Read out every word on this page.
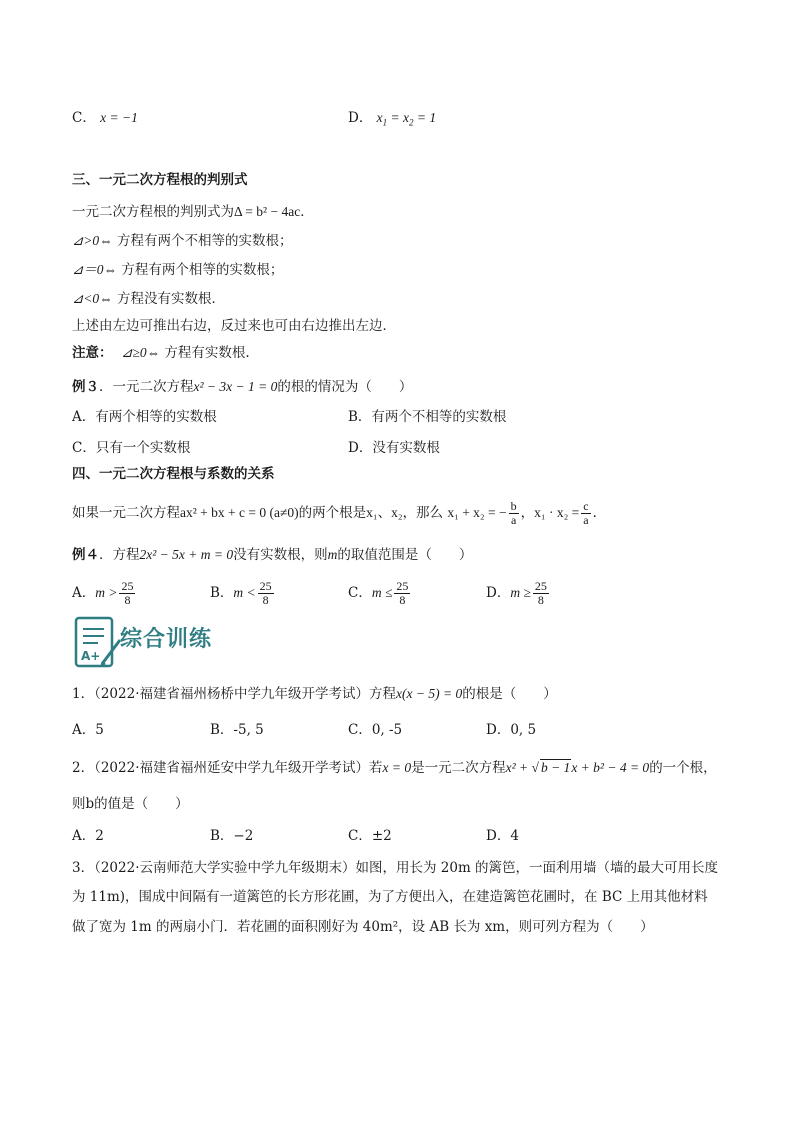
C． x = −1	D． $x_1 = x_2 = 1$
三、一元二次方程根的判别式
一元二次方程根的判别式为Δ = b² − 4ac．
⊿>0⇔ 方程有两个不相等的实数根；
⊿＝0⇔ 方程有两个相等的实数根；
⊿<0⇔ 方程没有实数根．
上述由左边可推出右边，反过来也可由右边推出左边．
注意： ⊿≥0⇔ 方程有实数根.
例３．一元二次方程x² − 3x − 1 = 0的根的情况为（　　）
A．有两个相等的实数根	B．有两个不相等的实数根
C．只有一个实数根	D．没有实数根
四、一元二次方程根与系数的关系
如果一元二次方程ax² + bx + c = 0 (a≠0)的两个根是x₁、x₂，那么 x₁ + x₂ = − $\frac{b}{a}$ ，$x_1 \cdot x_2 = \frac{c}{a}$ ．
例４．方程2x² − 5x + m = 0没有实数根，则m的取值范围是（　　）
A．$m > \frac{25}{8}$	B．$m < \frac{25}{8}$	C．$m \le \frac{25}{8}$	D．$m \ge \frac{25}{8}$
A+
综合训练
1．（2022·福建省福州杨桥中学九年级开学考试）方程x(x − 5) = 0的根是（　　）
A．5	B．-5, 5	C．0, -5	D．0, 5
2．（2022·福建省福州延安中学九年级开学考试）若x = 0是一元二次方程x² + √ b − 1x + b² − 4 = 0的一个根，
则b的值是（　　）
A．2	B．−2	C．±2	D．4
3．（2022·云南师范大学实验中学九年级期末）如图，用长为 20m 的篱笆，一面利用墙（墙的最大可用长度
为 11m)，围成中间隔有一道篱笆的长方形花圃，为了方便出入，在建造篱笆花圃时，在 BC 上用其他材料
做了宽为 1m 的两扇小门．若花圃的面积刚好为 40m²，设 AB 长为 xm，则可列方程为（　　）
